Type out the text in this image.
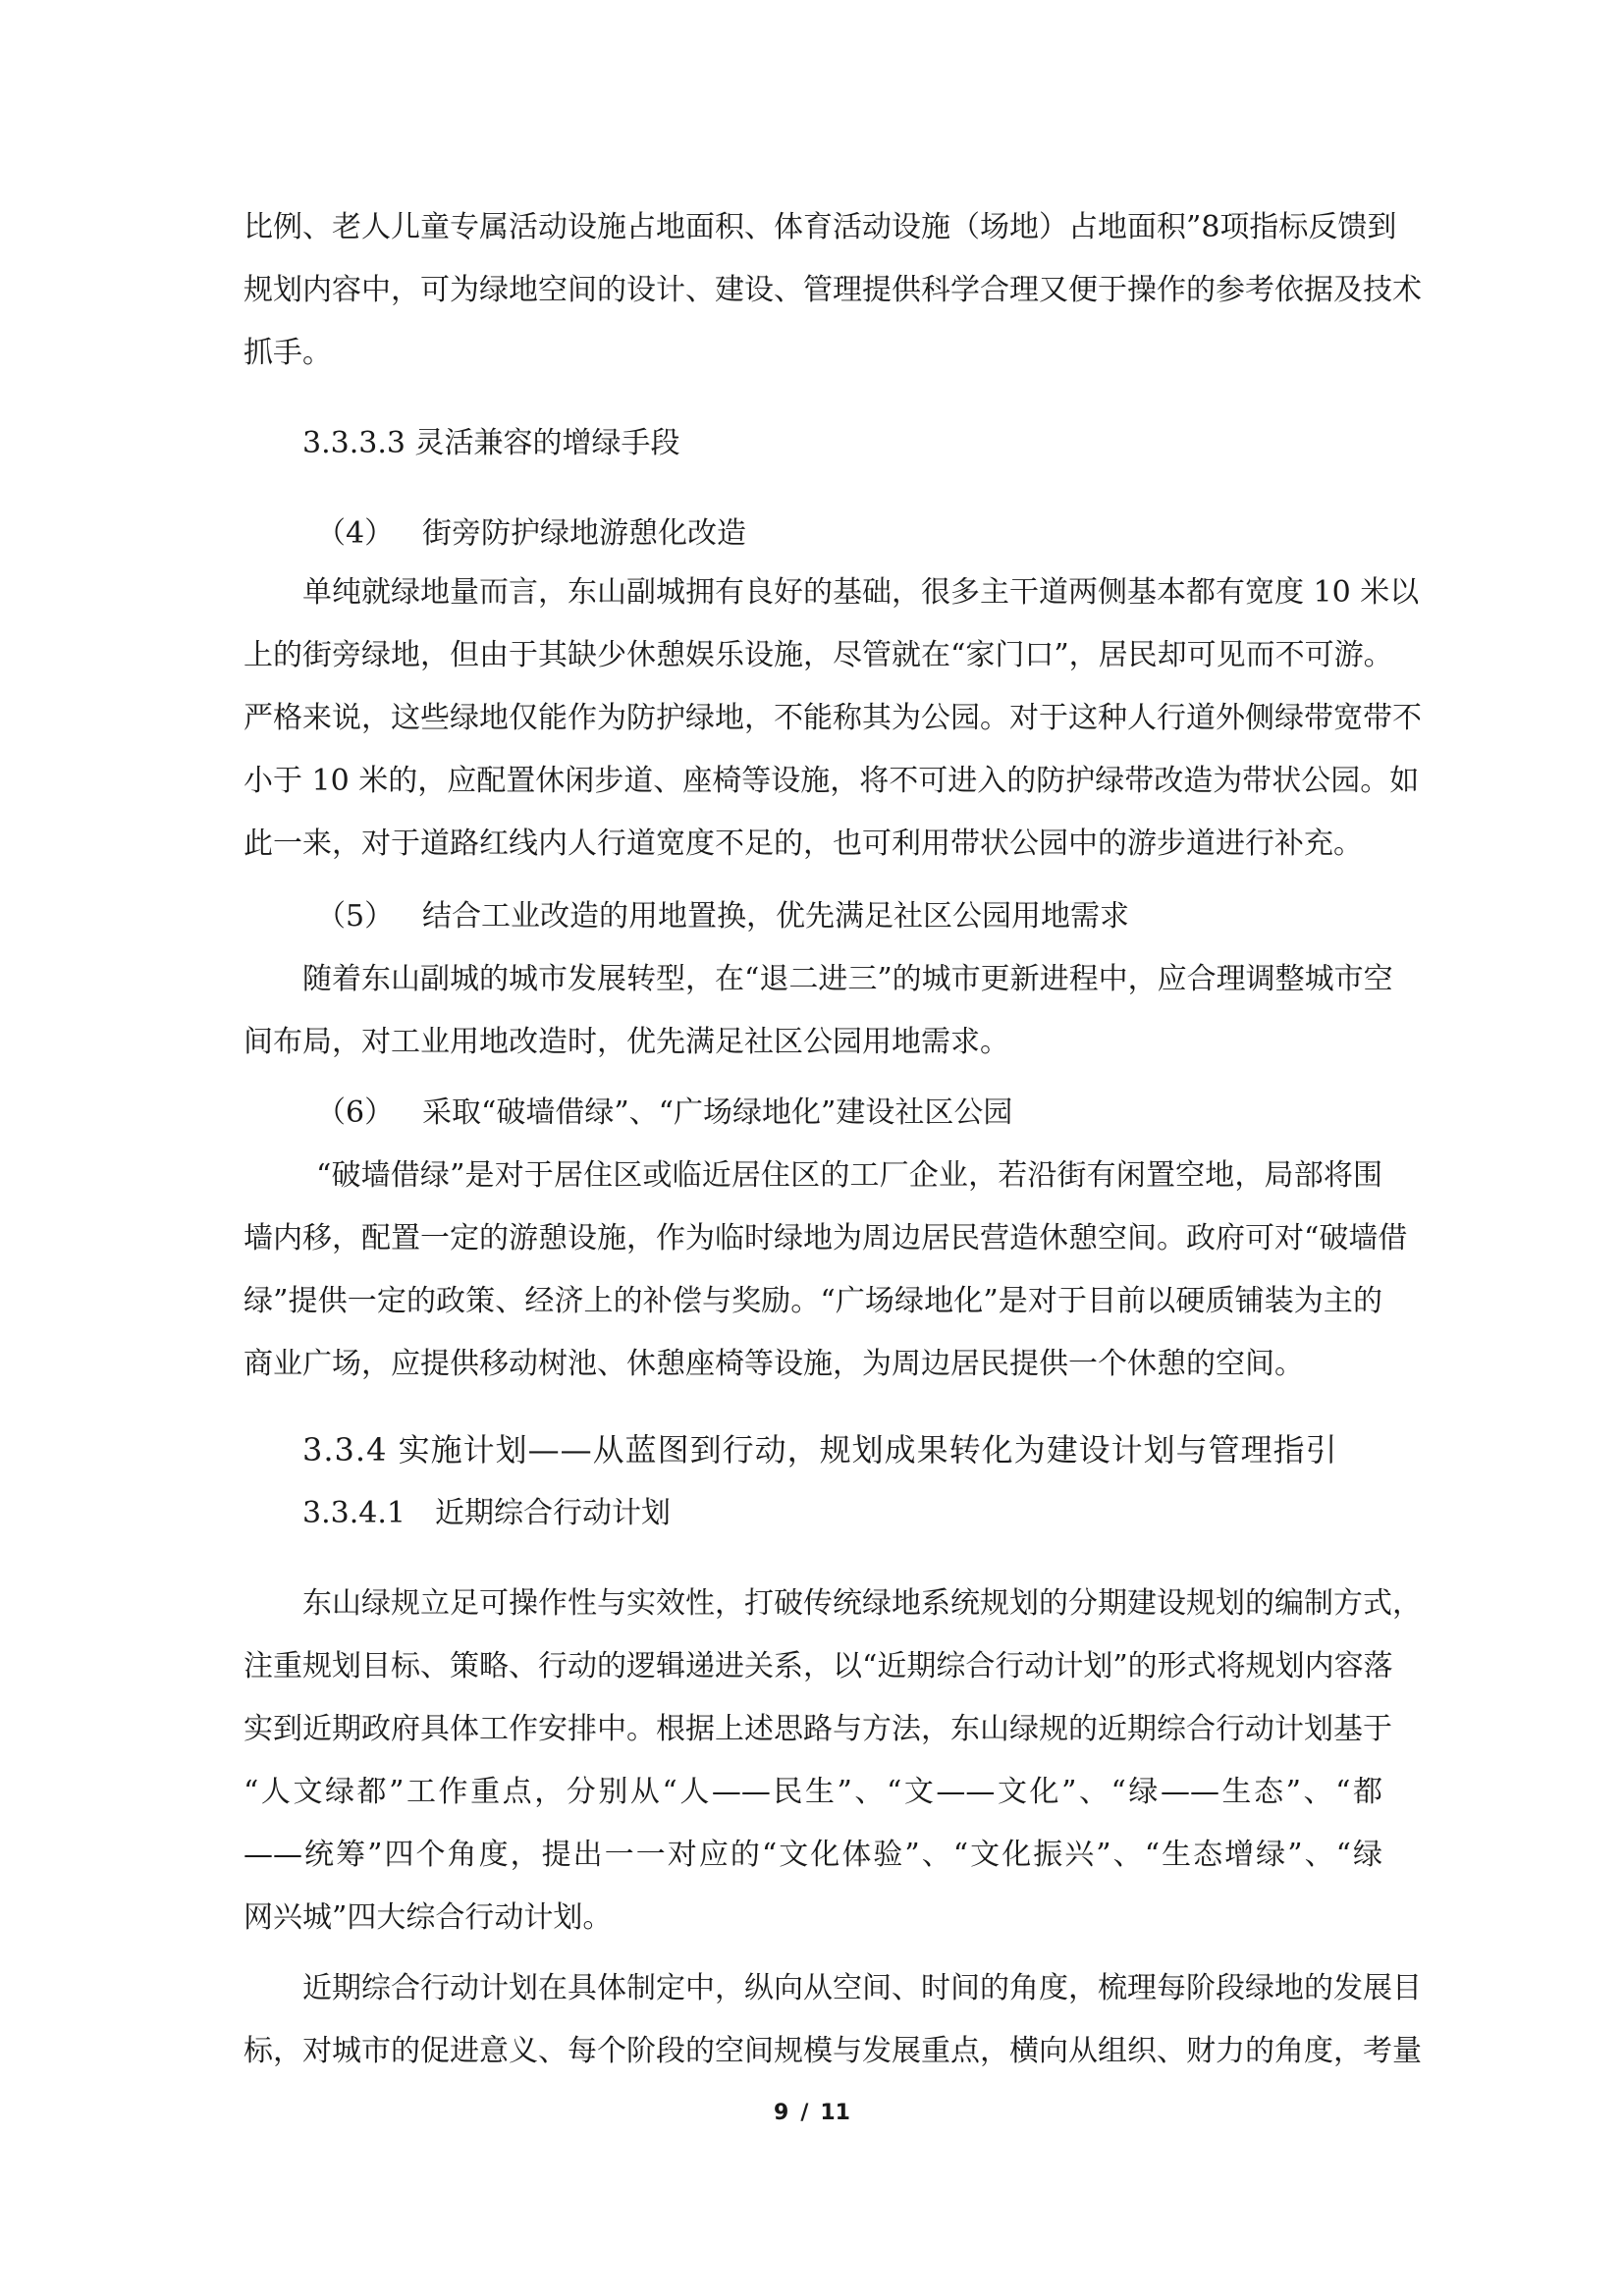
比例、老人儿童专属活动设施占地面积、体育活动设施（场地）占地面积”8项指标反馈到
规划内容中，可为绿地空间的设计、建设、管理提供科学合理又便于操作的参考依据及技术
抓手。
3.3.3.3 灵活兼容的增绿手段
（4） 街旁防护绿地游憩化改造
单纯就绿地量而言，东山副城拥有良好的基础，很多主干道两侧基本都有宽度 10 米以
上的街旁绿地，但由于其缺少休憩娱乐设施，尽管就在“家门口”，居民却可见而不可游。
严格来说，这些绿地仅能作为防护绿地，不能称其为公园。对于这种人行道外侧绿带宽带不
小于 10 米的，应配置休闲步道、座椅等设施，将不可进入的防护绿带改造为带状公园。如
此一来，对于道路红线内人行道宽度不足的，也可利用带状公园中的游步道进行补充。
（5） 结合工业改造的用地置换，优先满足社区公园用地需求
随着东山副城的城市发展转型，在“退二进三”的城市更新进程中，应合理调整城市空
间布局，对工业用地改造时，优先满足社区公园用地需求。
（6） 采取“破墙借绿”、“广场绿地化”建设社区公园
“破墙借绿”是对于居住区或临近居住区的工厂企业，若沿街有闲置空地，局部将围
墙内移，配置一定的游憩设施，作为临时绿地为周边居民营造休憩空间。政府可对“破墙借
绿”提供一定的政策、经济上的补偿与奖励。“广场绿地化”是对于目前以硬质铺装为主的
商业广场，应提供移动树池、休憩座椅等设施，为周边居民提供一个休憩的空间。
3.3.4 实施计划——从蓝图到行动，规划成果转化为建设计划与管理指引
3.3.4.1　近期综合行动计划
东山绿规立足可操作性与实效性，打破传统绿地系统规划的分期建设规划的编制方式，
注重规划目标、策略、行动的逻辑递进关系，以“近期综合行动计划”的形式将规划内容落
实到近期政府具体工作安排中。根据上述思路与方法，东山绿规的近期综合行动计划基于
“人文绿都”工作重点，分别从“人——民生”、“文——文化”、“绿——生态”、“都
——统筹”四个角度，提出一一对应的“文化体验”、“文化振兴”、“生态增绿”、“绿
网兴城”四大综合行动计划。
近期综合行动计划在具体制定中，纵向从空间、时间的角度，梳理每阶段绿地的发展目
标，对城市的促进意义、每个阶段的空间规模与发展重点，横向从组织、财力的角度，考量
9 / 11
